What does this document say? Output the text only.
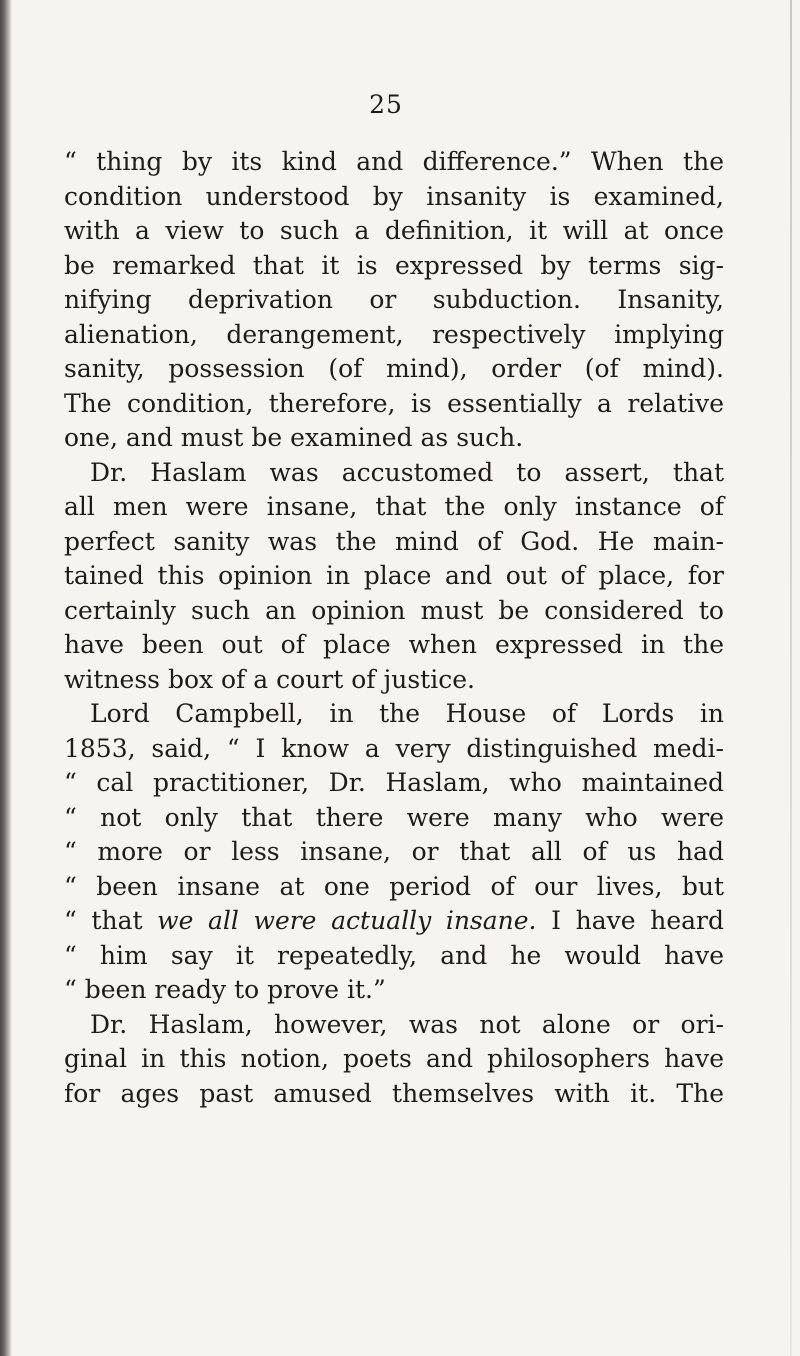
25
“ thing by its kind and difference.” When the
condition understood by insanity is examined,
with a view to such a definition, it will at once
be remarked that it is expressed by terms sig-
nifying deprivation or subduction. Insanity,
alienation, derangement, respectively implying
sanity, possession (of mind), order (of mind).
The condition, therefore, is essentially a relative
one, and must be examined as such.
Dr. Haslam was accustomed to assert, that
all men were insane, that the only instance of
perfect sanity was the mind of God. He main-
tained this opinion in place and out of place, for
certainly such an opinion must be considered to
have been out of place when expressed in the
witness box of a court of justice.
Lord Campbell, in the House of Lords in
1853, said, “ I know a very distinguished medi-
“ cal practitioner, Dr. Haslam, who maintained
“ not only that there were many who were
“ more or less insane, or that all of us had
“ been insane at one period of our lives, but
“ that we all were actually insane. I have heard
“ him say it repeatedly, and he would have
“ been ready to prove it.”
Dr. Haslam, however, was not alone or ori-
ginal in this notion, poets and philosophers have
for ages past amused themselves with it. The
